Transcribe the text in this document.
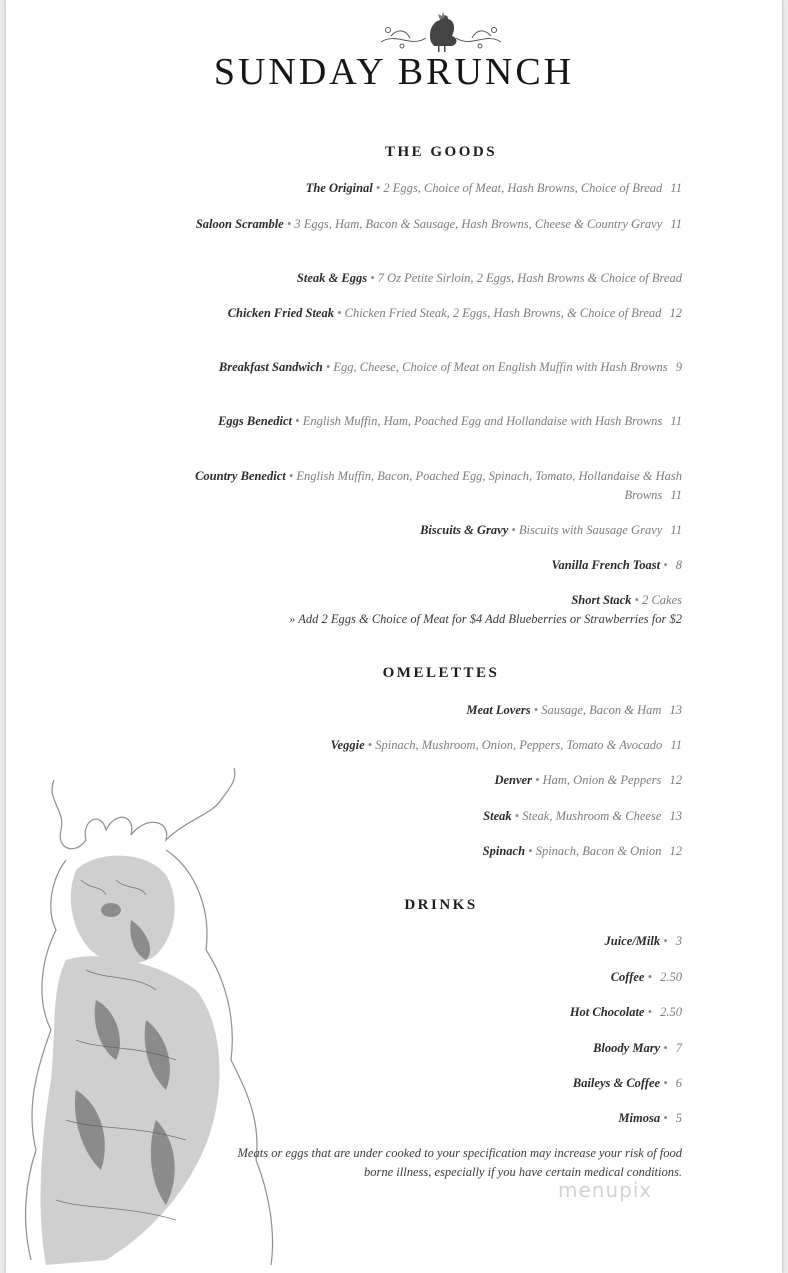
SUNDAY BRUNCH
THE GOODS
The Original • 2 Eggs, Choice of Meat, Hash Browns, Choice of Bread 11
Saloon Scramble • 3 Eggs, Ham, Bacon & Sausage, Hash Browns, Cheese & Country Gravy 11
Steak & Eggs • 7 Oz Petite Sirloin, 2 Eggs, Hash Browns & Choice of Bread
Chicken Fried Steak • Chicken Fried Steak, 2 Eggs, Hash Browns, & Choice of Bread 12
Breakfast Sandwich • Egg, Cheese, Choice of Meat on English Muffin with Hash Browns 9
Eggs Benedict • English Muffin, Ham, Poached Egg and Hollandaise with Hash Browns 11
Country Benedict • English Muffin, Bacon, Poached Egg, Spinach, Tomato, Hollandaise & Hash Browns 11
Biscuits & Gravy • Biscuits with Sausage Gravy 11
Vanilla French Toast • 8
Short Stack • 2 Cakes
» Add 2 Eggs & Choice of Meat for $4 Add Blueberries or Strawberries for $2
OMELETTES
Meat Lovers • Sausage, Bacon & Ham 13
Veggie • Spinach, Mushroom, Onion, Peppers, Tomato & Avocado 11
Denver • Ham, Onion & Peppers 12
Steak • Steak, Mushroom & Cheese 13
Spinach • Spinach, Bacon & Onion 12
DRINKS
Juice/Milk • 3
Coffee • 2.50
Hot Chocolate • 2.50
Bloody Mary • 7
Baileys & Coffee • 6
Mimosa • 5
Meats or eggs that are under cooked to your specification may increase your risk of food borne illness, especially if you have certain medical conditions.
menupix
